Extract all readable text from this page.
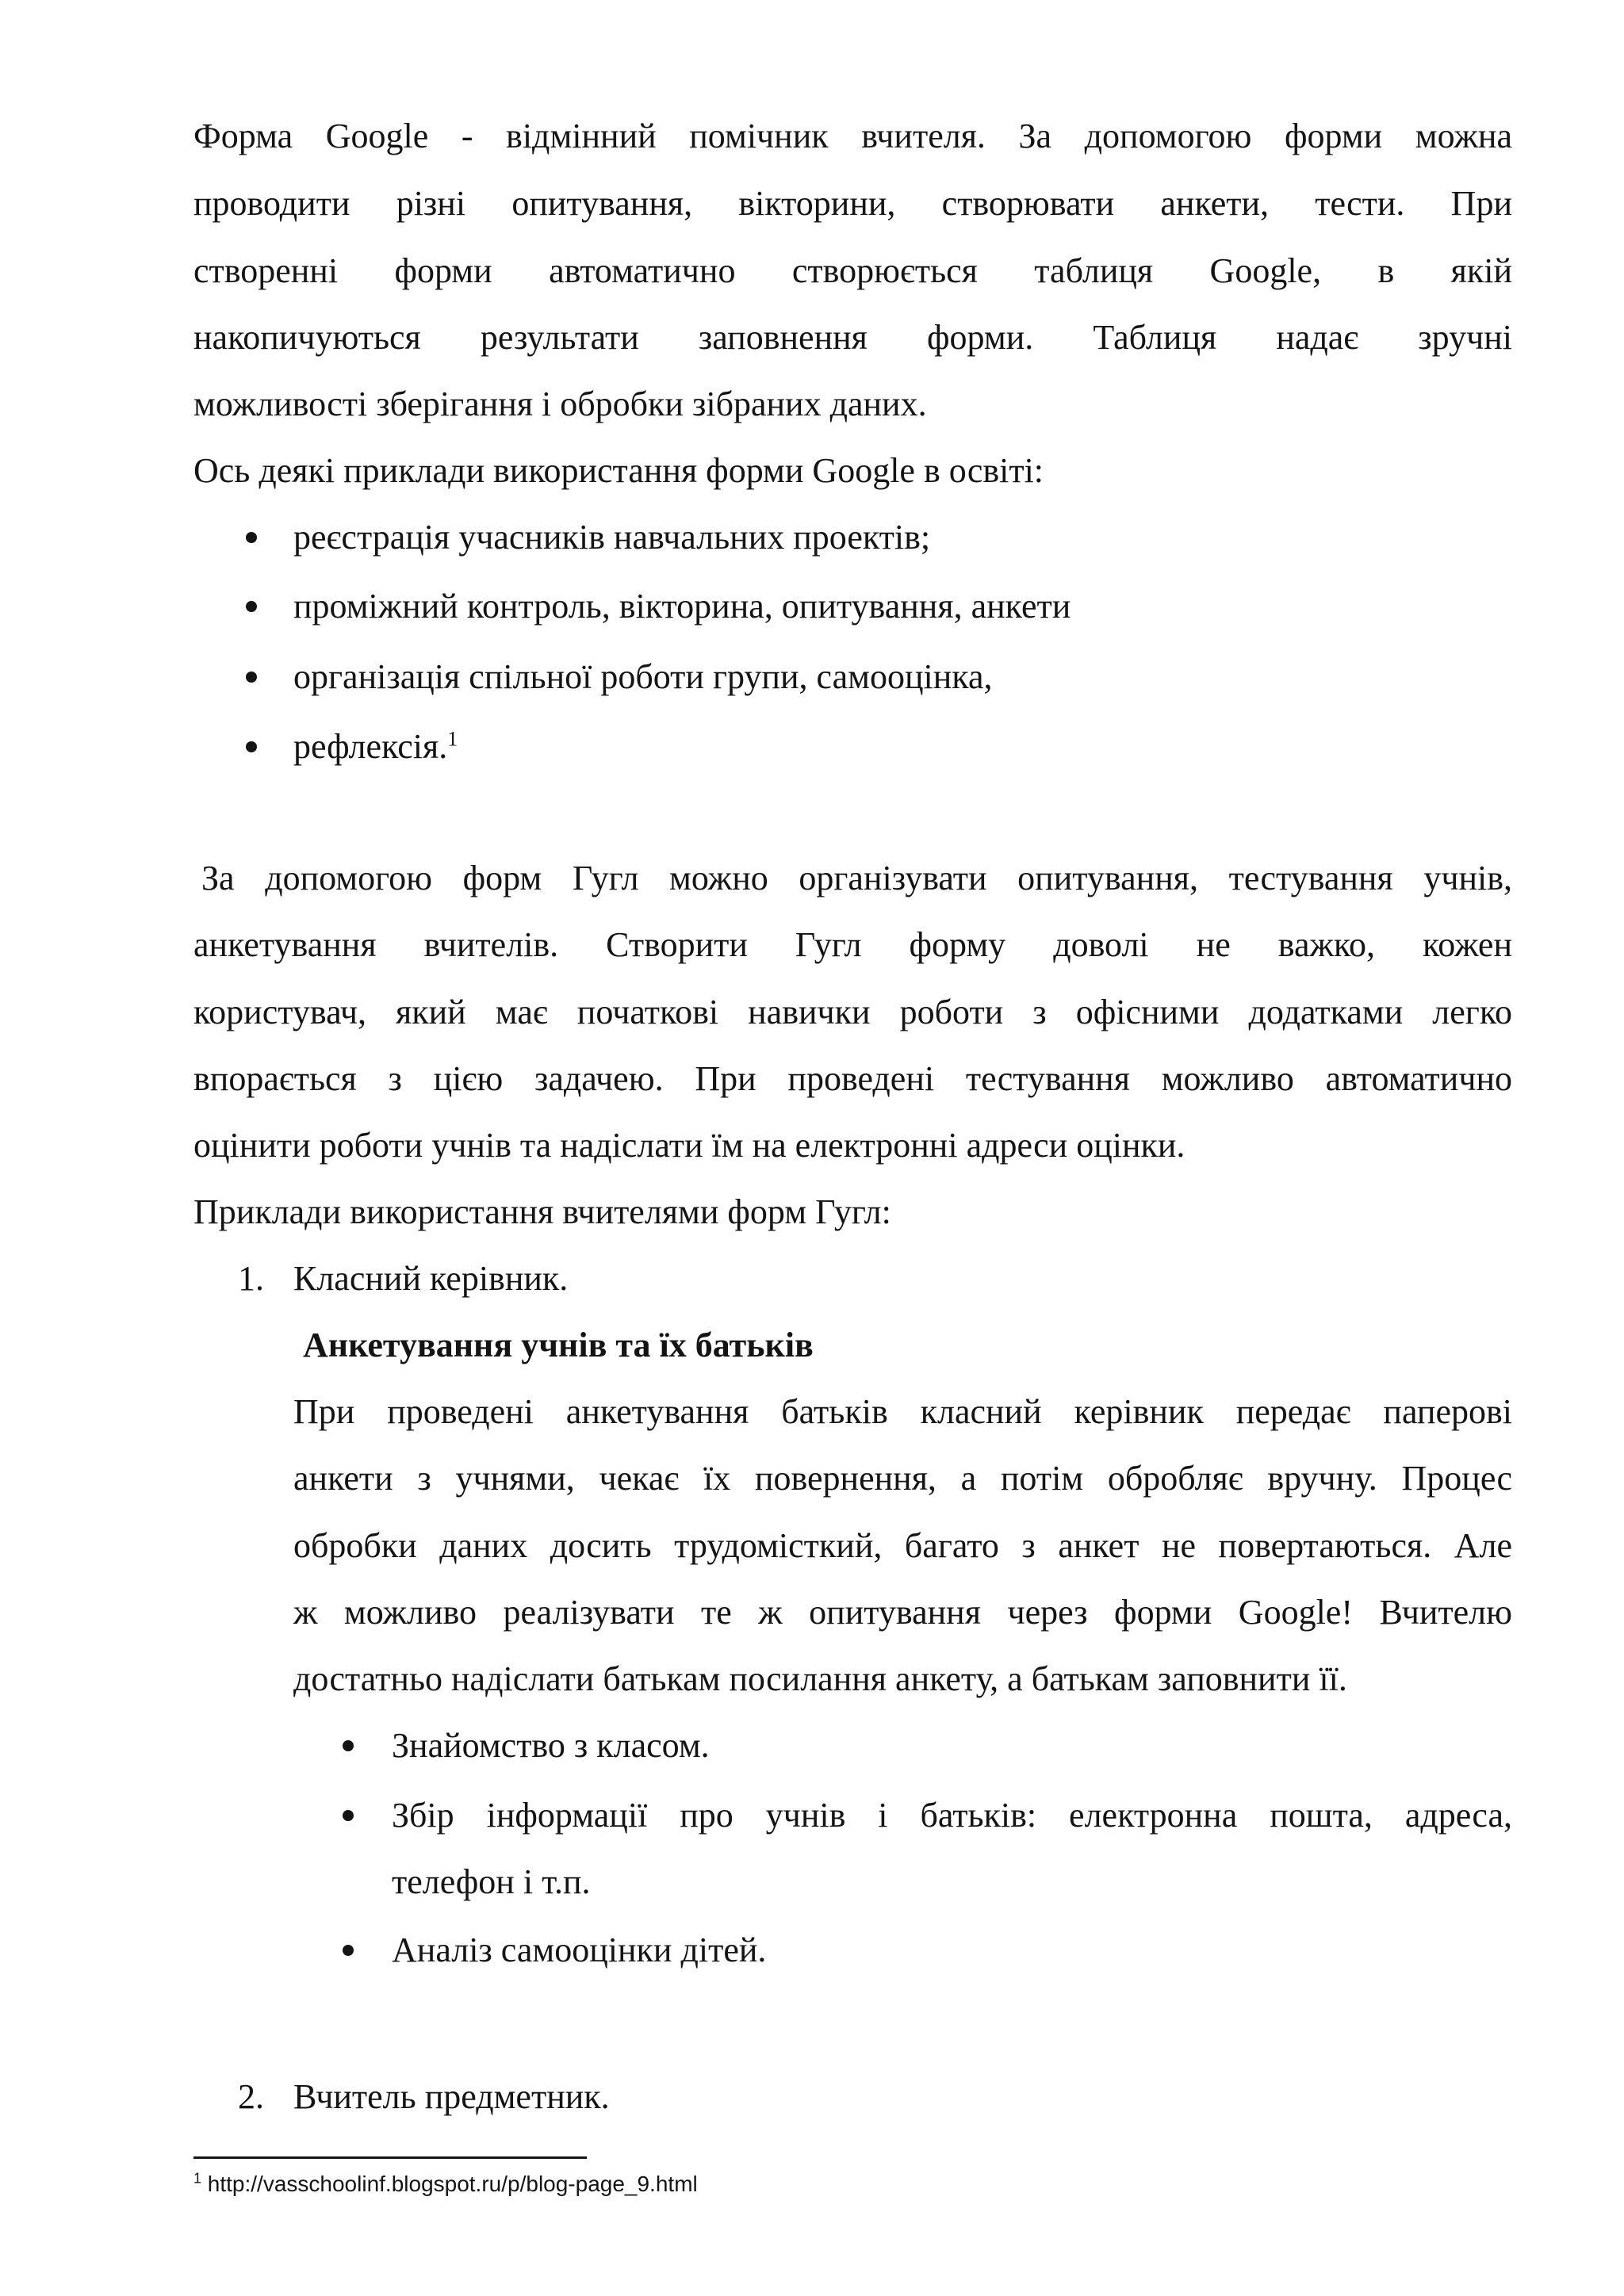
Форма Google - відмінний помічник вчителя. За допомогою форми можна
проводити різні опитування, вікторини, створювати анкети, тести. При
створенні форми автоматично створюється таблиця Google, в якій
накопичуються результати заповнення форми. Таблиця надає зручні
можливості зберігання і обробки зібраних даних.
Ось деякі приклади використання форми Google в освіті:
реєстрація учасників навчальних проектів;
проміжний контроль, вікторина, опитування, анкети
організація спільної роботи групи, самооцінка,
рефлексія.$^1$
За допомогою форм Гугл можно організувати опитування, тестування учнів,
анкетування вчителів. Створити Гугл форму доволі не важко, кожен
користувач, який має початкові навички роботи з офісними додатками легко
впорається з цією задачею. При проведені тестування можливо автоматично
оцінити роботи учнів та надіслати їм на електронні адреси оцінки.
Приклади використання вчителями форм Гугл:
1. Класний керівник.
Анкетування учнів та їх батьків
При проведені анкетування батьків класний керівник передає паперові
анкети з учнями, чекає їх повернення, а потім обробляє вручну. Процес
обробки даних досить трудомісткий, багато з анкет не повертаються. Але
ж можливо реалізувати те ж опитування через форми Google! Вчителю
достатньо надіслати батькам посилання анкету, а батькам заповнити її.
Знайомство з класом.
Збір інформації про учнів і батьків: електронна пошта, адреса,
телефон і т.п.
Аналіз самооцінки дітей.
2. Вчитель предметник.
$^1$ http://vasschoolinf.blogspot.ru/p/blog-page_9.html
